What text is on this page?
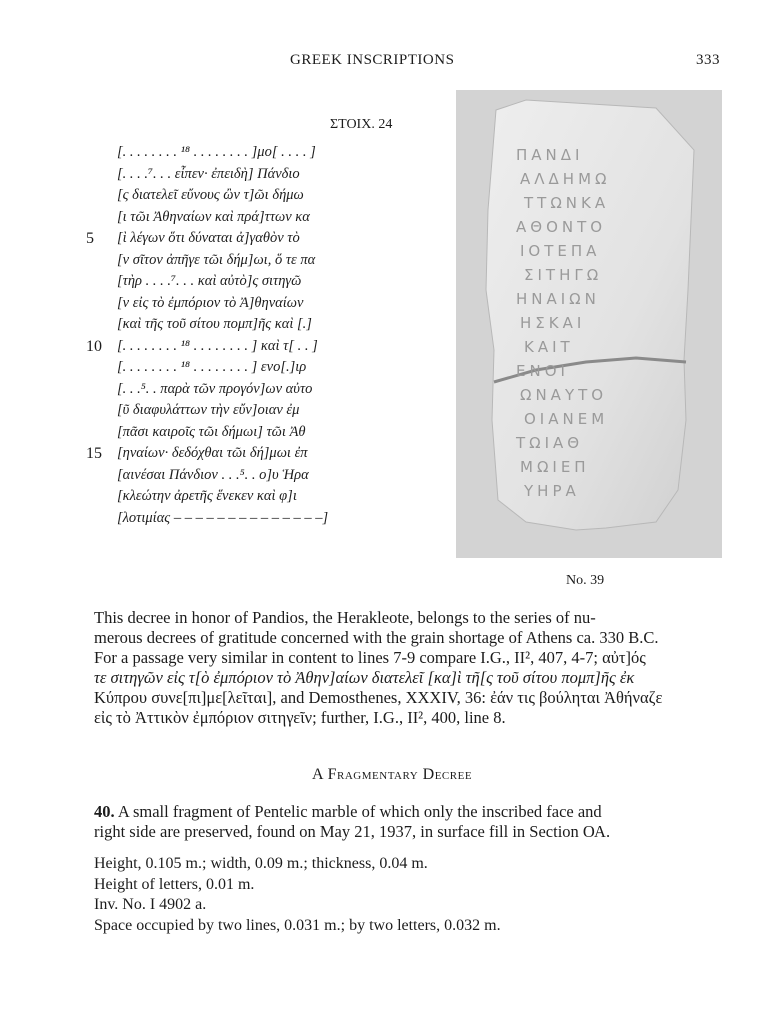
GREEK INSCRIPTIONS	333
ΣΤΟΙΧ. 24
[. . . . . . . . ¹⁸ . . . . . . . . ]μο[ . . . . ]
[. . . .⁷. . . εἶπεν· ἐπειδὴ] Πάνδιο
[ς διατελεῖ εὔνους ὢν τ]ῶι δήμω
[ι τῶι Ἀθηναίων καὶ πρά]ττων κα
5	[ὶ λέγων ὅτι δύναται ἀ]γαθὸν τὸ
[ν σῖτον ἀπῆγε τῶι δήμ]ωι, ὅ τε πα
[τὴρ . . . .⁷. . . καὶ αὐτὸ]ς σιτηγῶ
[ν εἰς τὸ ἐμπόριον τὸ Ἀ]θηναίων
[καὶ τῆς τοῦ σίτου πομπ]ῆς καὶ [.]
10 [. . . . . . . . ¹⁸ . . . . . . . . ] καὶ τ[ . . ]
[. . . . . . . . ¹⁸ . . . . . . . . ] ενο[.]ιρ
[. . .⁵. . παρὰ τῶν προγόν]ων αὐτο
[ῦ διαφυλάττων τὴν εὔν]οιαν ἐμ
[πᾶσι καιροῖς τῶι δήμωι] τῶι Ἀθ
15 [ηναίων· δεδόχθαι τῶι δή]μωι ἐπ
[αινέσαι Πάνδιον . . .⁵. . ο]υ Ἡρα
[κλεώτην ἀρετῆς ἕνεκεν καὶ φ]ι
[λοτιμίας – – – – – – – – – – – – – –]
ΠΑΝΔΙ
ΑΛΔΗΜΩ
ΤΤΩΝΚΑ
ΑΘΟΝΤΟ
ΙΟΤΕΠΑ
ΣΙΤΗΓΩ
ΗΝΑΙΩΝ
ΗΣΚΑΙ
ΚΑΙΤ
ΕΝΟΙ
ΩΝΑΥΤΟ
ΟΙΑΝΕΜ
ΤΩΙΑΘ
ΜΩΙΕΠ
ΥΗΡΑ
No. 39
This decree in honor of Pandios, the Herakleote, belongs to the series of nu-
merous decrees of gratitude concerned with the grain shortage of Athens ca. 330 B.C.
For a passage very similar in content to lines 7-9 compare I.G., II², 407, 4-7; αὐτ]ός
τε σιτηγῶν εἰς τ[ὸ ἐμπόριον τὸ Ἀθην]αίων διατελεῖ [κα]ὶ τῆ[ς τοῦ σίτου πομπ]ῆς ἐκ
Κύπρου συνε[πι]με[λεῖται], and Demosthenes, XXXIV, 36: ἐάν τις βούληται Ἀθήναζε
εἰς τὸ Ἀττικὸν ἐμπόριον σιτηγεῖν; further, I.G., II², 400, line 8.
A Fragmentary Decree
40. A small fragment of Pentelic marble of which only the inscribed face and
right side are preserved, found on May 21, 1937, in surface fill in Section ΟΑ.
Height, 0.105 m.; width, 0.09 m.; thickness, 0.04 m.
Height of letters, 0.01 m.
Inv. No. I 4902 a.
Space occupied by two lines, 0.031 m.; by two letters, 0.032 m.
